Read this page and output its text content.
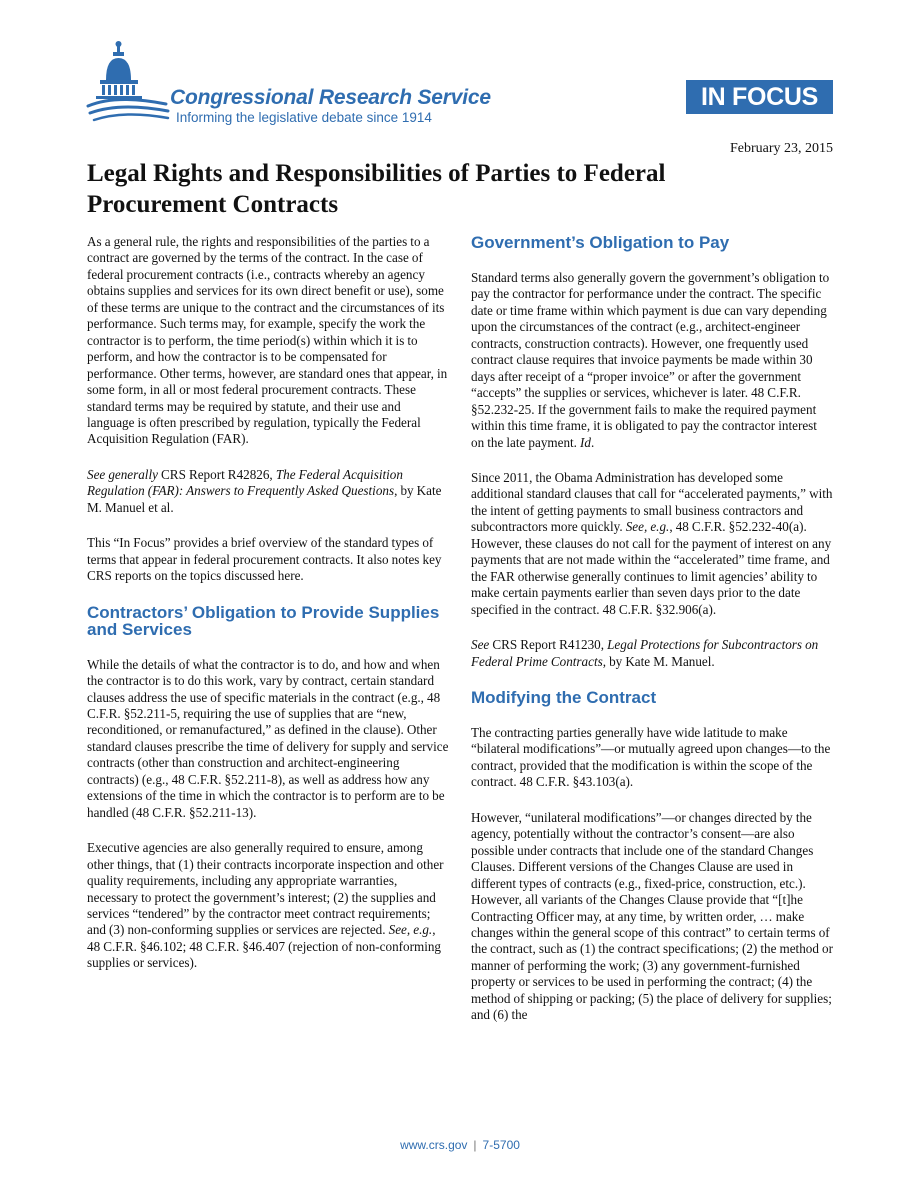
Congressional Research Service
Informing the legislative debate since 1914
IN FOCUS
February 23, 2015
Legal Rights and Responsibilities of Parties to Federal Procurement Contracts

As a general rule, the rights and responsibilities of the parties to a contract are governed by the terms of the contract. In the case of federal procurement contracts (i.e., contracts whereby an agency obtains supplies and services for its own direct benefit or use), some of these terms are unique to the contract and the circumstances of its performance. Such terms may, for example, specify the work the contractor is to perform, the time period(s) within which it is to perform, and how the contractor is to be compensated for performance. Other terms, however, are standard ones that appear, in some form, in all or most federal procurement contracts. These standard terms may be required by statute, and their use and language is often prescribed by regulation, typically the Federal Acquisition Regulation (FAR).

See generally CRS Report R42826, The Federal Acquisition Regulation (FAR): Answers to Frequently Asked Questions, by Kate M. Manuel et al.

This “In Focus” provides a brief overview of the standard types of terms that appear in federal procurement contracts. It also notes key CRS reports on the topics discussed here.

Contractors’ Obligation to Provide Supplies and Services

While the details of what the contractor is to do, and how and when the contractor is to do this work, vary by contract, certain standard clauses address the use of specific materials in the contract (e.g., 48 C.F.R. §52.211-5, requiring the use of supplies that are “new, reconditioned, or remanufactured,” as defined in the clause). Other standard clauses prescribe the time of delivery for supply and service contracts (other than construction and architect-engineering contracts) (e.g., 48 C.F.R. §52.211-8), as well as address how any extensions of the time in which the contractor is to perform are to be handled (48 C.F.R. §52.211-13).

Executive agencies are also generally required to ensure, among other things, that (1) their contracts incorporate inspection and other quality requirements, including any appropriate warranties, necessary to protect the government’s interest; (2) the supplies and services “tendered” by the contractor meet contract requirements; and (3) non-conforming supplies or services are rejected. See, e.g., 48 C.F.R. §46.102; 48 C.F.R. §46.407 (rejection of non-conforming supplies or services).

Government’s Obligation to Pay

Standard terms also generally govern the government’s obligation to pay the contractor for performance under the contract. The specific date or time frame within which payment is due can vary depending upon the circumstances of the contract (e.g., architect-engineer contracts, construction contracts). However, one frequently used contract clause requires that invoice payments be made within 30 days after receipt of a “proper invoice” or after the government “accepts” the supplies or services, whichever is later. 48 C.F.R. §52.232-25. If the government fails to make the required payment within this time frame, it is obligated to pay the contractor interest on the late payment. Id.

Since 2011, the Obama Administration has developed some additional standard clauses that call for “accelerated payments,” with the intent of getting payments to small business contractors and subcontractors more quickly. See, e.g., 48 C.F.R. §52.232-40(a). However, these clauses do not call for the payment of interest on any payments that are not made within the “accelerated” time frame, and the FAR otherwise generally continues to limit agencies’ ability to make certain payments earlier than seven days prior to the date specified in the contract. 48 C.F.R. §32.906(a).

See CRS Report R41230, Legal Protections for Subcontractors on Federal Prime Contracts, by Kate M. Manuel.

Modifying the Contract

The contracting parties generally have wide latitude to make “bilateral modifications”—or mutually agreed upon changes—to the contract, provided that the modification is within the scope of the contract. 48 C.F.R. §43.103(a).

However, “unilateral modifications”—or changes directed by the agency, potentially without the contractor’s consent—are also possible under contracts that include one of the standard Changes Clauses. Different versions of the Changes Clause are used in different types of contracts (e.g., fixed-price, construction, etc.). However, all variants of the Changes Clause provide that “[t]he Contracting Officer may, at any time, by written order, … make changes within the general scope of this contract” to certain terms of the contract, such as (1) the contract specifications; (2) the method or manner of performing the work; (3) any government-furnished property or services to be used in performing the contract; (4) the method of shipping or packing; (5) the place of delivery for supplies; and (6) the

www.crs.gov | 7-5700
